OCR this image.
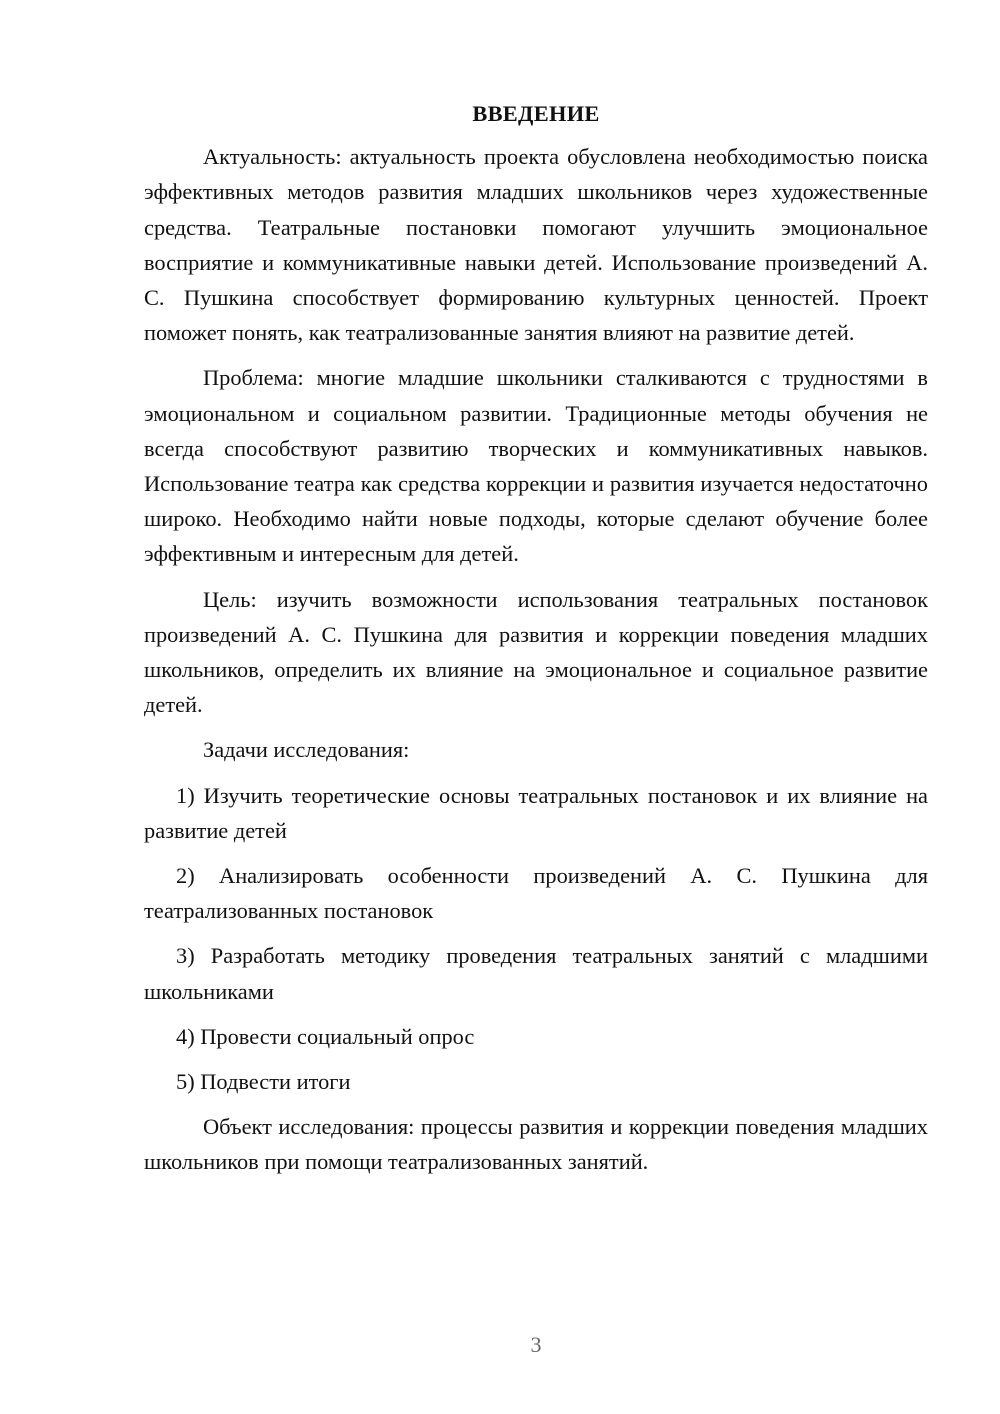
ВВЕДЕНИЕ

Актуальность: актуальность проекта обусловлена необходимостью поиска эффективных методов развития младших школьников через художественные средства. Театральные постановки помогают улучшить эмоциональное восприятие и коммуникативные навыки детей. Использование произведений А. С. Пушкина способствует формированию культурных ценностей. Проект поможет понять, как театрализованные занятия влияют на развитие детей.

Проблема: многие младшие школьники сталкиваются с трудностями в эмоциональном и социальном развитии. Традиционные методы обучения не всегда способствуют развитию творческих и коммуникативных навыков. Использование театра как средства коррекции и развития изучается недостаточно широко. Необходимо найти новые подходы, которые сделают обучение более эффективным и интересным для детей.

Цель: изучить возможности использования театральных постановок произведений А. С. Пушкина для развития и коррекции поведения младших школьников, определить их влияние на эмоциональное и социальное развитие детей.

Задачи исследования:

1) Изучить теоретические основы театральных постановок и их влияние на развитие детей

2) Анализировать особенности произведений А. С. Пушкина для театрализованных постановок

3) Разработать методику проведения театральных занятий с младшими школьниками

4) Провести социальный опрос

5) Подвести итоги

Объект исследования: процессы развития и коррекции поведения младших школьников при помощи театрализованных занятий.

3
